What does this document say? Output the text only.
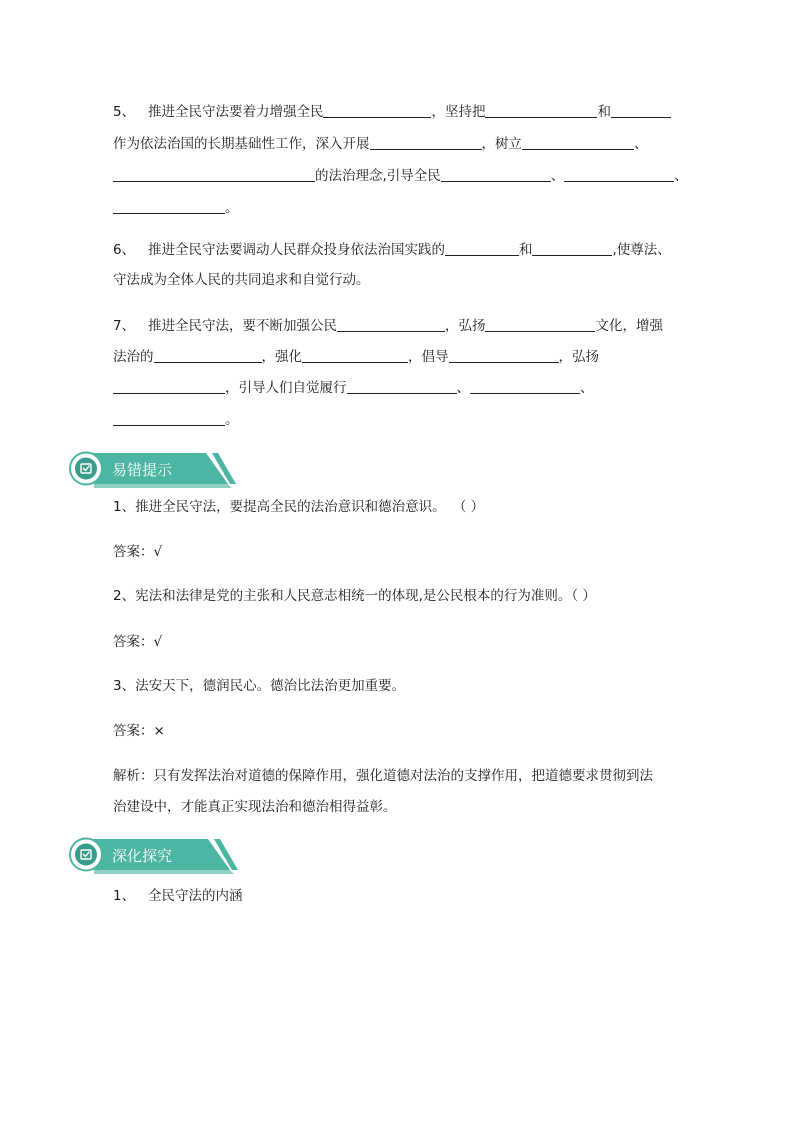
5、 推进全民守法要着力增强全民	，坚持把	和
作为依法治国的长期基础性工作，深入开展	，树立	、
的法治理念,引导全民	、	、
。
6、 推进全民守法要调动人民群众投身依法治国实践的	和	,使尊法、
守法成为全体人民的共同追求和自觉行动。
7、 推进全民守法，要不断加强公民	，弘扬	文化，增强
法治的	，强化	，倡导	，弘扬
，引导人们自觉履行	、	、
。
易错提示
1、推进全民守法，要提高全民的法治意识和德治意识。 （ ）
答案：√
2、宪法和法律是党的主张和人民意志相统一的体现,是公民根本的行为准则。（ ）
答案：√
3、法安天下，德润民心。德治比法治更加重要。
答案：×
解析：只有发挥法治对道德的保障作用，强化道德对法治的支撑作用，把道德要求贯彻到法
治建设中，才能真正实现法治和德治相得益彰。
深化探究
1、 全民守法的内涵
